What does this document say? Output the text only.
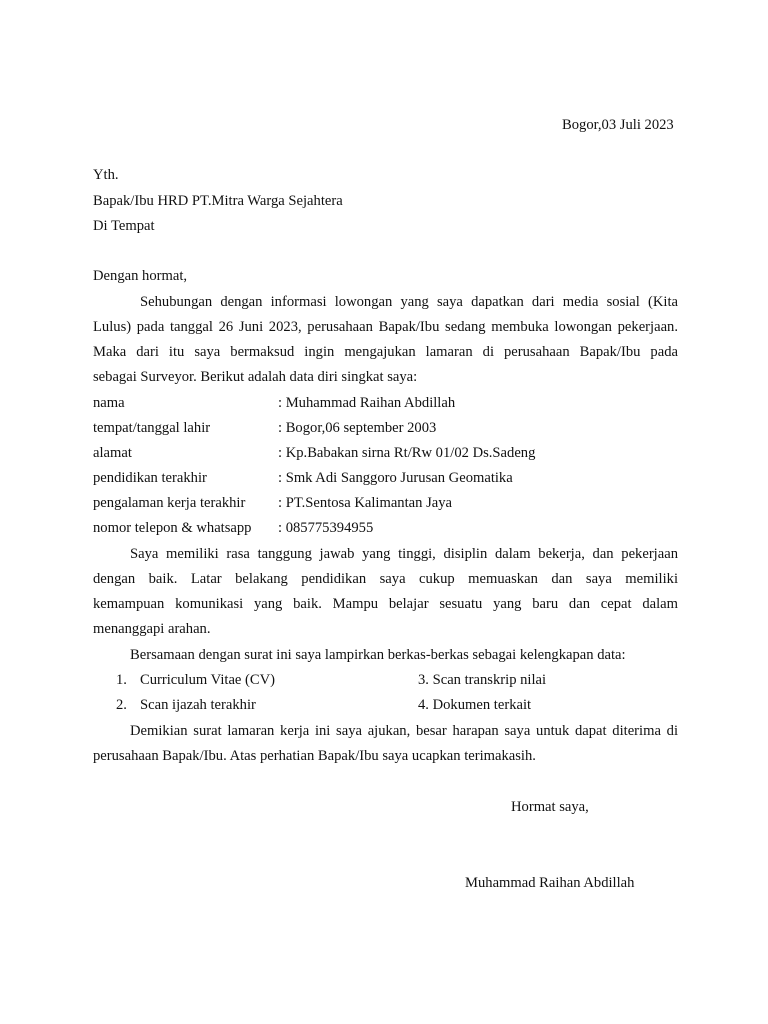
Bogor,03 Juli 2023
Yth.
Bapak/Ibu HRD PT.Mitra Warga Sejahtera
Di Tempat
Dengan hormat,
Sehubungan dengan informasi lowongan yang saya dapatkan dari media sosial (Kita
Lulus) pada tanggal 26 Juni 2023, perusahaan Bapak/Ibu sedang membuka lowongan pekerjaan.
Maka dari itu saya bermaksud ingin mengajukan lamaran di perusahaan Bapak/Ibu pada
sebagai Surveyor. Berikut adalah data diri singkat saya:
nama	: Muhammad Raihan Abdillah
tempat/tanggal lahir	: Bogor,06 september 2003
alamat	: Kp.Babakan sirna Rt/Rw 01/02 Ds.Sadeng
pendidikan terakhir	: Smk Adi Sanggoro Jurusan Geomatika
pengalaman kerja terakhir : PT.Sentosa Kalimantan Jaya
nomor telepon & whatsapp : 085775394955
Saya memiliki rasa tanggung jawab yang tinggi, disiplin dalam bekerja, dan pekerjaan
dengan baik. Latar belakang pendidikan saya cukup memuaskan dan saya memiliki
kemampuan komunikasi yang baik. Mampu belajar sesuatu yang baru dan cepat dalam
menanggapi arahan.
Bersamaan dengan surat ini saya lampirkan berkas-berkas sebagai kelengkapan data:
1. Curriculum Vitae (CV)
2. Scan ijazah terakhir
3. Scan transkrip nilai
4. Dokumen terkait
Demikian surat lamaran kerja ini saya ajukan, besar harapan saya untuk dapat diterima di
perusahaan Bapak/Ibu. Atas perhatian Bapak/Ibu saya ucapkan terimakasih.
Hormat saya,
Muhammad Raihan Abdillah
